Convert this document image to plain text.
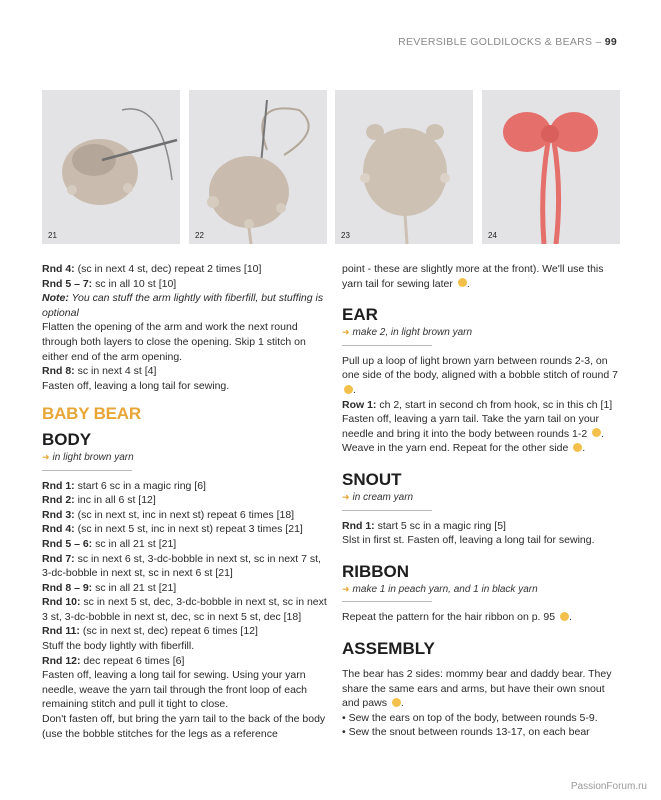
REVERSIBLE GOLDILOCKS & BEARS – 99
21	22	23	24

Rnd 4: (sc in next 4 st, dec) repeat 2 times [10]

Rnd 5 – 7: sc in all 10 st [10]

Note: You can stuff the arm lightly with fiberfill, but stuffing is optional

Flatten the opening of the arm and work the next round through both layers to close the opening. Skip 1 stitch on either end of the arm opening.

Rnd 8: sc in next 4 st [4]

Fasten off, leaving a long tail for sewing.

BABY BEAR
BODY
➜ in light brown yarn

Rnd 1: start 6 sc in a magic ring [6]

Rnd 2: inc in all 6 st [12]

Rnd 3: (sc in next st, inc in next st) repeat 6 times [18]

Rnd 4: (sc in next 5 st, inc in next st) repeat 3 times [21]

Rnd 5 – 6: sc in all 21 st [21]

Rnd 7: sc in next 6 st, 3-dc-bobble in next st, sc in next 7 st, 3-dc-bobble in next st, sc in next 6 st [21]

Rnd 8 – 9: sc in all 21 st [21]

Rnd 10: sc in next 5 st, dec, 3-dc-bobble in next st, sc in next 3 st, 3-dc-bobble in next st, dec, sc in next 5 st, dec [18]

Rnd 11: (sc in next st, dec) repeat 6 times [12]

Stuff the body lightly with fiberfill.

Rnd 12: dec repeat 6 times [6]

Fasten off, leaving a long tail for sewing. Using your yarn needle, weave the yarn tail through the front loop of each remaining stitch and pull it tight to close.

Don't fasten off, but bring the yarn tail to the back of the body (use the bobble stitches for the legs as a reference

point - these are slightly more at the front). We'll use this yarn tail for sewing later .

EAR
➜ make 2, in light brown yarn

Pull up a loop of light brown yarn between rounds 2-3, on one side of the body, aligned with a bobble stitch of round 7 .

Row 1: ch 2, start in second ch from hook, sc in this ch [1]

Fasten off, leaving a yarn tail. Take the yarn tail on your needle and bring it into the body between rounds 1-2 . Weave in the yarn end. Repeat for the other side .

SNOUT
➜ in cream yarn

Rnd 1: start 5 sc in a magic ring [5]

Slst in first st. Fasten off, leaving a long tail for sewing.

RIBBON
➜ make 1 in peach yarn, and 1 in black yarn

Repeat the pattern for the hair ribbon on p. 95 .

ASSEMBLY

The bear has 2 sides: mommy bear and daddy bear. They share the same ears and arms, but have their own snout and paws .

• Sew the ears on top of the body, between rounds 5-9.

• Sew the snout between rounds 13-17, on each bear

PassionForum.ru
